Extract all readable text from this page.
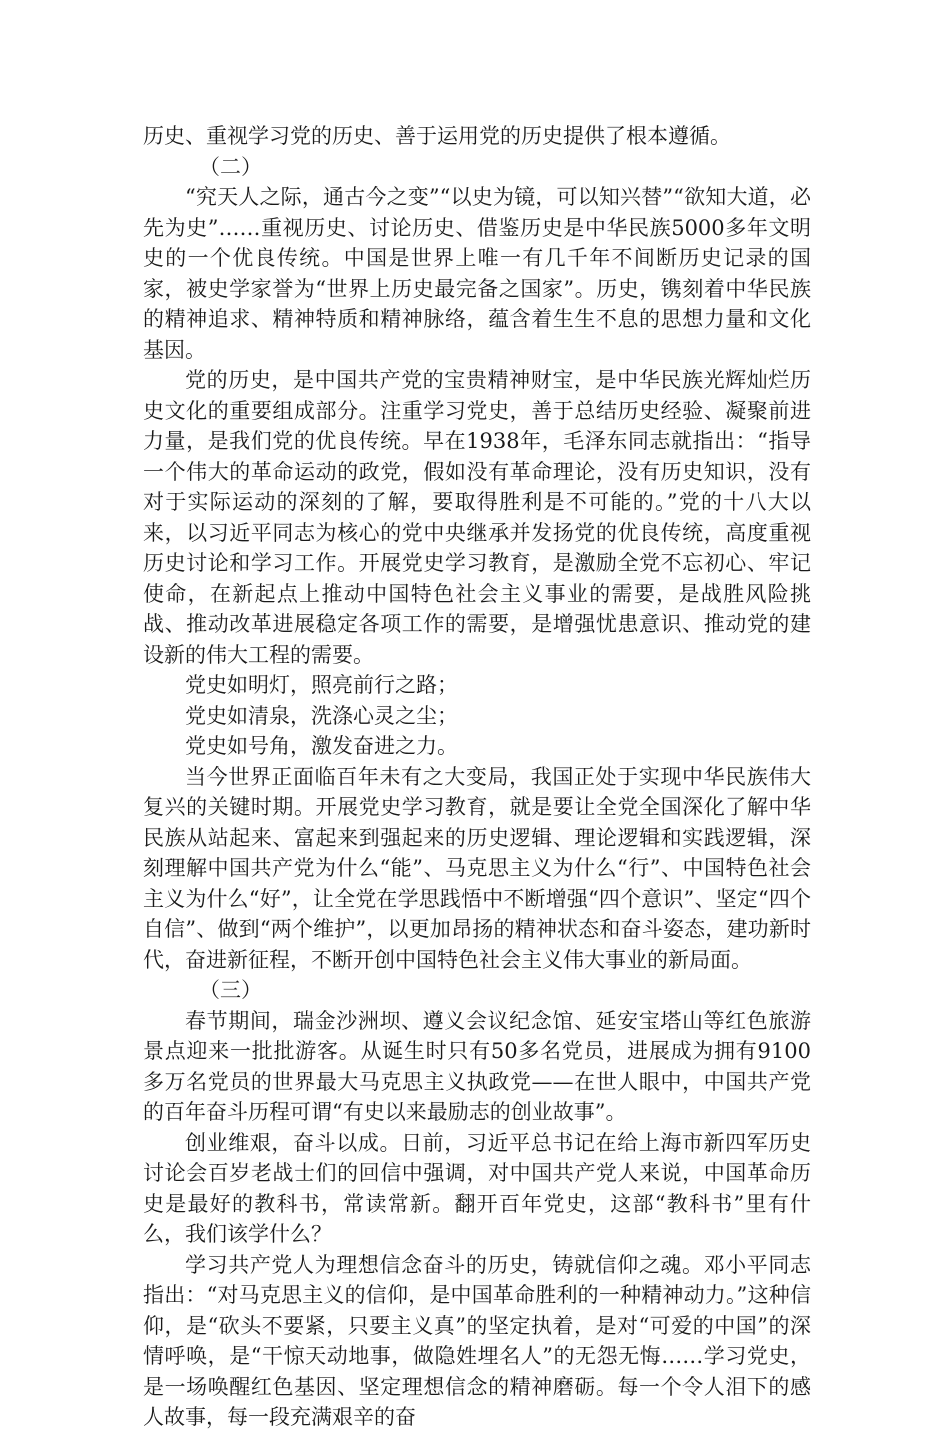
历史、重视学习党的历史、善于运用党的历史提供了根本遵循。

（二）

“究天人之际，通古今之变”“以史为镜，可以知兴替”“欲知大道，必先为史”……重视历史、讨论历史、借鉴历史是中华民族5000多年文明史的一个优良传统。中国是世界上唯一有几千年不间断历史记录的国家，被史学家誉为“世界上历史最完备之国家”。历史，镌刻着中华民族的精神追求、精神特质和精神脉络，蕴含着生生不息的思想力量和文化基因。

党的历史，是中国共产党的宝贵精神财宝，是中华民族光辉灿烂历史文化的重要组成部分。注重学习党史，善于总结历史经验、凝聚前进力量，是我们党的优良传统。早在1938年，毛泽东同志就指出：“指导一个伟大的革命运动的政党，假如没有革命理论，没有历史知识，没有对于实际运动的深刻的了解，要取得胜利是不可能的。”党的十八大以来，以习近平同志为核心的党中央继承并发扬党的优良传统，高度重视历史讨论和学习工作。开展党史学习教育，是激励全党不忘初心、牢记使命，在新起点上推动中国特色社会主义事业的需要，是战胜风险挑战、推动改革进展稳定各项工作的需要，是增强忧患意识、推动党的建设新的伟大工程的需要。

党史如明灯，照亮前行之路；

党史如清泉，洗涤心灵之尘；

党史如号角，激发奋进之力。

当今世界正面临百年未有之大变局，我国正处于实现中华民族伟大复兴的关键时期。开展党史学习教育，就是要让全党全国深化了解中华民族从站起来、富起来到强起来的历史逻辑、理论逻辑和实践逻辑，深刻理解中国共产党为什么“能”、马克思主义为什么“行”、中国特色社会主义为什么“好”，让全党在学思践悟中不断增强“四个意识”、坚定“四个自信”、做到“两个维护”，以更加昂扬的精神状态和奋斗姿态，建功新时代，奋进新征程，不断开创中国特色社会主义伟大事业的新局面。

（三）

春节期间，瑞金沙洲坝、遵义会议纪念馆、延安宝塔山等红色旅游景点迎来一批批游客。从诞生时只有50多名党员，进展成为拥有9100多万名党员的世界最大马克思主义执政党——在世人眼中，中国共产党的百年奋斗历程可谓“有史以来最励志的创业故事”。

创业维艰，奋斗以成。日前，习近平总书记在给上海市新四军历史讨论会百岁老战士们的回信中强调，对中国共产党人来说，中国革命历史是最好的教科书，常读常新。翻开百年党史，这部“教科书”里有什么，我们该学什么？

学习共产党人为理想信念奋斗的历史，铸就信仰之魂。邓小平同志指出：“对马克思主义的信仰，是中国革命胜利的一种精神动力。”这种信仰，是“砍头不要紧，只要主义真”的坚定执着，是对“可爱的中国”的深情呼唤，是“干惊天动地事，做隐姓埋名人”的无怨无悔……学习党史，是一场唤醒红色基因、坚定理想信念的精神磨砺。每一个令人泪下的感人故事，每一段充满艰辛的奋
